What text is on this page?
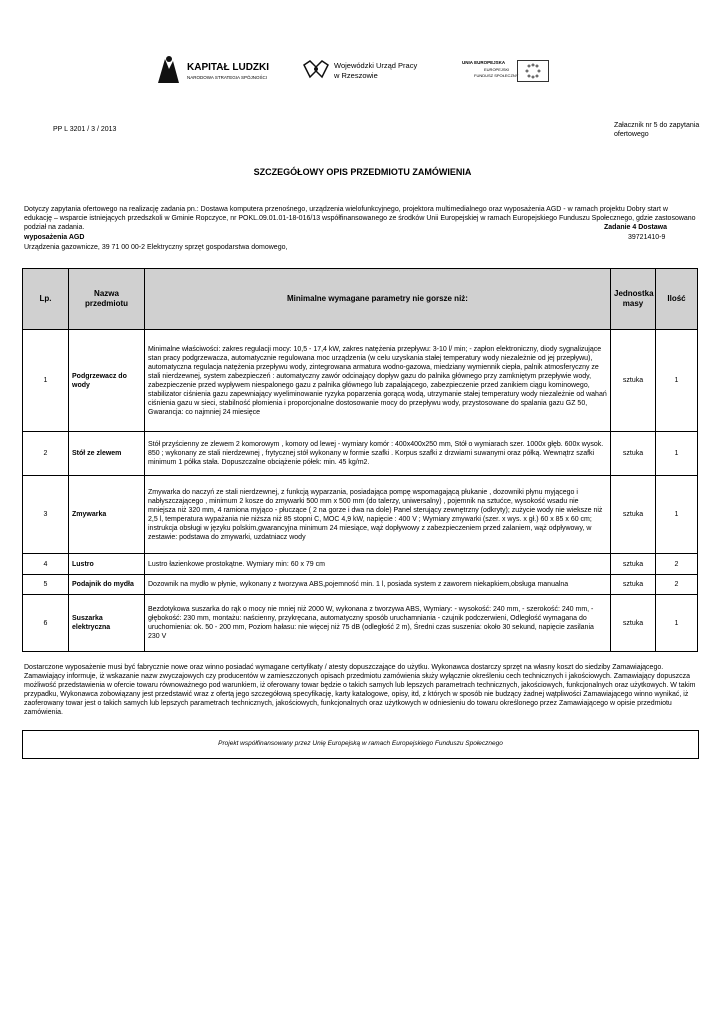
KAPITAŁ LUDZKI
NARODOWA STRATEGIA SPÓJNOŚCI
Wojewódzki Urząd Pracy
w Rzeszowie
UNIA EUROPEJSKA
EUROPEJSKI
FUNDUSZ SPOŁECZNY
PP L 3201 / 3 / 2013
Załacznik nr 5 do zapytania
ofertowego
SZCZEGÓŁOWY OPIS PRZEDMIOTU ZAMÓWIENIA
Dotyczy zapytania ofertowego na realizację zadania pn.: Dostawa komputera przenośnego, urządzenia wielofunkcyjnego, projektora multimedialnego oraz wyposażenia AGD - w ramach projektu Dobry start w edukację – wsparcie istniejących przedszkoli w Gminie Ropczyce, nr POKL.09.01.01-18-016/13 współfinansowanego ze środków Unii Europejskiej w ramach Europejskiego Funduszu Społecznego, gdzie zastosowano podział na zadania.	Zadanie 4 Dostawa
wyposażenia AGD	39721410-9
Urządzenia gazownicze, 39 71 00 00-2 Elektryczny sprzęt gospodarstwa domowego,
Lp.	Nazwa przedmiotu	Minimalne wymagane parametry nie gorsze niż:	Jednostka masy	Ilość
1	Podgrzewacz do wody	Minimalne właściwości: zakres regulacji mocy: 10,5 - 17,4 kW, zakres natężenia przepływu: 3-10 l/ min; - zapłon elektroniczny, diody sygnalizujące stan pracy podgrzewacza, automatycznie regulowana moc urządzenia (w celu uzyskania stałej temperatury wody niezależnie od jej przepływu), automatyczna regulacja natężenia przepływu wody, zintegrowana armatura wodno-gazowa, miedziany wymiennik ciepła, palnik atmosferyczny ze stali nierdzewnej, system zabezpieczeń : automatyczny zawór odcinający dopływ gazu do palnika głównego przy zamkniętym przepływie wody, zabezpieczenie przed wypływem niespalonego gazu z palnika głównego lub zapalającego, zabezpieczenie przed zanikiem ciągu kominowego, stabilizator ciśnienia gazu zapewniający wyeliminowanie ryzyka poparzenia gorącą wodą, utrzymanie stałej temperatury wody niezależnie od wahań ciśnienia gazu w sieci, stabilność płomienia i proporcjonalne dostosowanie mocy do przepływu wody, przystosowane do spalania gazu GZ 50, Gwarancja: co najmniej 24 miesięce	sztuka	1
2	Stół ze zlewem	Stół przyścienny ze zlewem 2 komorowym , komory od lewej - wymiary komór : 400x400x250 mm, Stół o wymiarach szer. 1000x głęb. 600x wysok. 850 ; wykonany ze stali nierdzewnej , frytycznej stół wykonany w formie szafki . Korpus szafki z drzwiami suwanymi oraz półką. Wewnątrz szafki minimum 1 półka stała. Dopuszczalne obciążenie półek: min. 45 kg/m2.	sztuka	1
3	Zmywarka	Zmywarka do naczyń ze stali nierdzewnej, z funkcją wyparzania, posiadająca pompę wspomagającą płukanie , dozowniki płynu myjącego i nabłyszczającego , minimum 2 kosze do zmywarki 500 mm x 500 mm (do talerzy, uniwersalny) , pojemnik na sztućce, wysokość wsadu nie mniejsza niż 320 mm, 4 ramiona myjąco - płuczące ( 2 na gorze i dwa na dole) Panel sterujący zewnętrzny (odkryty); zużycie wody nie wieksze niż 2,5 l, temperatura wypażania nie niższa niż 85 stopni C, MOC 4,9 kW, napięcie : 400 V ; Wymiary zmywarki (szer. x wys. x gł.) 60 x 85 x 60 cm; instrukcja obsługi w języku polskim,gwarancyjna minimum 24 miesiące, wąż dopływowy z zabezpieczeniem przed zalaniem, wąż odpływowy, w zestawie: podstawa do zmywarki, uzdatniacz wody	sztuka	1
4	Lustro	Lustro łazienkowe prostokątne. Wymiary min: 60 x 79 cm	sztuka	2
5	Podajnik do mydła	Dozownik na mydło w płynie, wykonany z tworzywa ABS,pojemność min. 1 l, posiada system z zaworem niekapkiem,obsługa manualna	sztuka	2
6	Suszarka elektryczna	Bezdotykowa suszarka do rąk o mocy nie mniej niż 2000 W, wykonana z tworzywa ABS, Wymiary: - wysokość: 240 mm, - szerokość: 240 mm, - głębokość: 230 mm, montażu: naścienny, przykręcana, automatyczny sposób uruchamniania - czujnik podczerwieni, Odległość wymagana do uruchomienia: ok. 50 - 200 mm, Poziom hałasu: nie więcej niż 75 dB (odległość 2 m), Średni czas suszenia: około 30 sekund, napięcie zasilania 230 V	sztuka	1
Dostarczone wyposażenie musi być fabrycznie nowe oraz winno posiadać wymagane certyfikaty / atesty dopuszczające do użytku. Wykonawca dostarczy sprzęt na własny koszt do siedziby Zamawiającego. Zamawiający informuje, iż wskazanie nazw zwyczajowych czy producentów w zamieszczonych opisach przedmiotu zamówienia służy wyłącznie określeniu cech technicznych i jakościowych. Zamawiający dopuszcza możliwość przedstawienia w ofercie towaru równoważnego pod warunkiem, iż oferowany towar będzie o takich samych lub lepszych parametrach technicznych, jakościowych, funkcjonalnych oraz użytkowych. W takim przypadku, Wykonawca zobowiązany jest przedstawić wraz z ofertą jego szczegółową specyfikację, karty katalogowe, opisy, itd, z których w sposób nie budzący żadnej wątpliwości Zamawiającego winno wynikać, iż zaoferowany towar jest o takich samych lub lepszych parametrach technicznych, jakościowych, funkcjonalnych oraz użytkowych w odniesieniu do towaru określonego przez Zamawiającego w opisie przedmiotu zamówienia.
Projekt współfinansowany przez Unię Europejską w ramach Europejskiego Funduszu Społecznego
